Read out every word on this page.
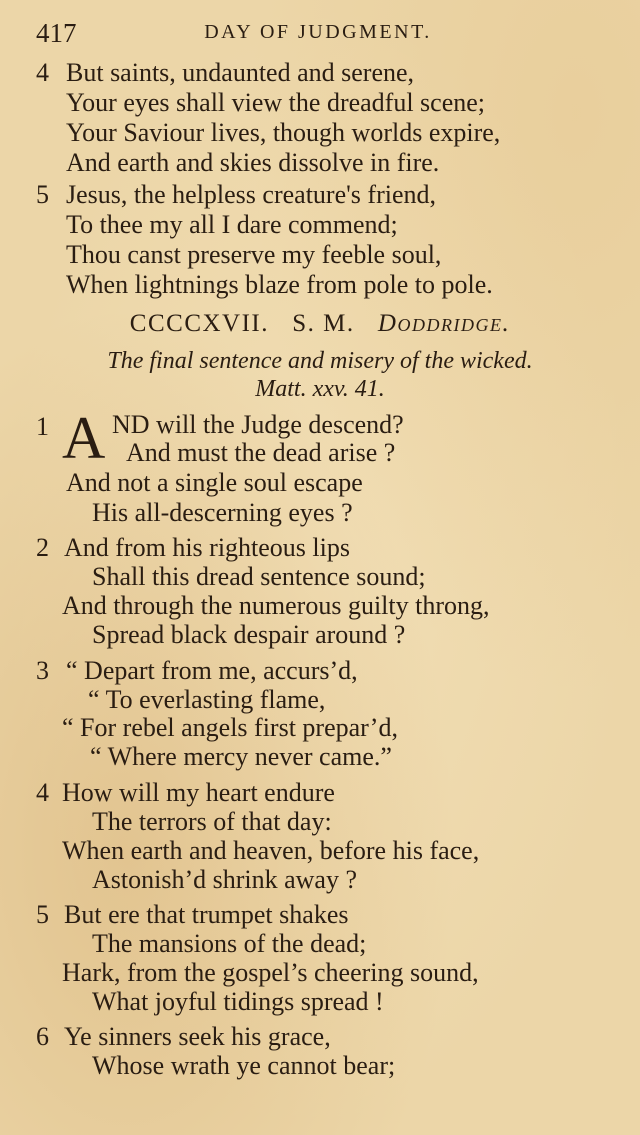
417	DAY OF JUDGMENT.
4 But saints, undaunted and serene,
Your eyes shall view the dreadful scene;
Your Saviour lives, though worlds expire,
And earth and skies dissolve in fire.
5 Jesus, the helpless creature's friend,
To thee my all I dare commend;
Thou canst preserve my feeble soul,
When lightnings blaze from pole to pole.
CCCCXVII. S. M. Doddridge.
The final sentence and misery of the wicked.
Matt. xxv. 41.
1 A ND will the Judge descend?
And must the dead arise ?
And not a single soul escape
His all-descerning eyes ?
2 And from his righteous lips
Shall this dread sentence sound;
And through the numerous guilty throng,
Spread black despair around ?
3 “ Depart from me, accurs’d,
“ To everlasting flame,
“ For rebel angels first prepar’d,
“ Where mercy never came.”
4 How will my heart endure
The terrors of that day:
When earth and heaven, before his face,
Astonish’d shrink away ?
5 But ere that trumpet shakes
The mansions of the dead;
Hark, from the gospel’s cheering sound,
What joyful tidings spread !
6 Ye sinners seek his grace,
Whose wrath ye cannot bear;
